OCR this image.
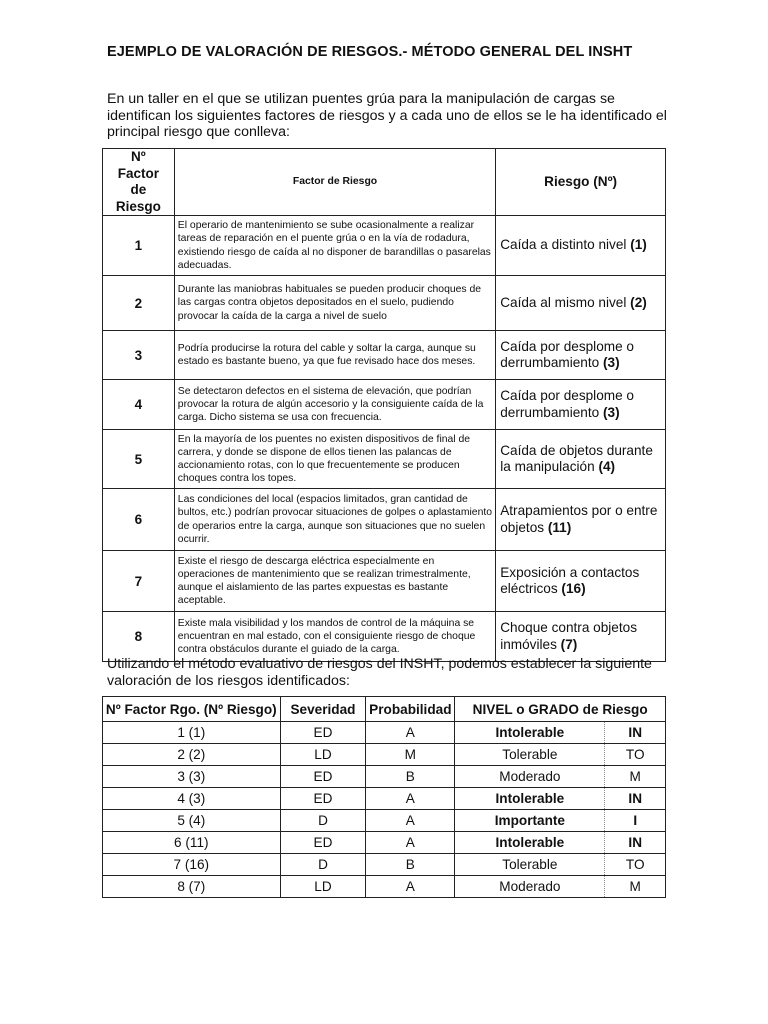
EJEMPLO DE VALORACIÓN DE RIESGOS.- MÉTODO GENERAL DEL INSHT
En un taller en el que se utilizan puentes grúa para la manipulación de cargas se identifican los siguientes factores de riesgos y a cada uno de ellos se le ha identificado el principal riesgo que conlleva:
Nº Factor de Riesgo	Factor de Riesgo	Riesgo (Nº)
1	El operario de mantenimiento se sube ocasionalmente a realizar tareas de reparación en el puente grúa o en la vía de rodadura, existiendo riesgo de caída al no disponer de barandillas o pasarelas adecuadas.	Caída a distinto nivel (1)
2	Durante las maniobras habituales se pueden producir choques de las cargas contra objetos depositados en el suelo, pudiendo provocar la caída de la carga a nivel de suelo	Caída al mismo nivel (2)
3	Podría producirse la rotura del cable y soltar la carga, aunque su estado es bastante bueno, ya que fue revisado hace dos meses.	Caída por desplome o derrumbamiento (3)
4	Se detectaron defectos en el sistema de elevación, que podrían provocar la rotura de algún accesorio y la consiguiente caída de la carga. Dicho sistema se usa con frecuencia.	Caída por desplome o derrumbamiento (3)
5	En la mayoría de los puentes no existen dispositivos de final de carrera, y donde se dispone de ellos tienen las palancas de accionamiento rotas, con lo que frecuentemente se producen choques contra los topes.	Caída de objetos durante la manipulación (4)
6	Las condiciones del local (espacios limitados, gran cantidad de bultos, etc.) podrían provocar situaciones de golpes o aplastamiento de operarios entre la carga, aunque son situaciones que no suelen ocurrir.	Atrapamientos por o entre objetos (11)
7	Existe el riesgo de descarga eléctrica especialmente en operaciones de mantenimiento que se realizan trimestralmente, aunque el aislamiento de las partes expuestas es bastante aceptable.	Exposición a contactos eléctricos (16)
8	Existe mala visibilidad y los mandos de control de la máquina se encuentran en mal estado, con el consiguiente riesgo de choque contra obstáculos durante el guiado de la carga.	Choque contra objetos inmóviles (7)
Utilizando el método evaluativo de riesgos del INSHT, podemos establecer la siguiente valoración de los riesgos identificados:
Nº Factor Rgo. (Nº Riesgo)	Severidad	Probabilidad	NIVEL o GRADO de Riesgo	
1 (1)	ED	A	Intolerable	IN
2 (2)	LD	M	Tolerable	TO
3 (3)	ED	B	Moderado	M
4 (3)	ED	A	Intolerable	IN
5 (4)	D	A	Importante	I
6 (11)	ED	A	Intolerable	IN
7 (16)	D	B	Tolerable	TO
8 (7)	LD	A	Moderado	M
